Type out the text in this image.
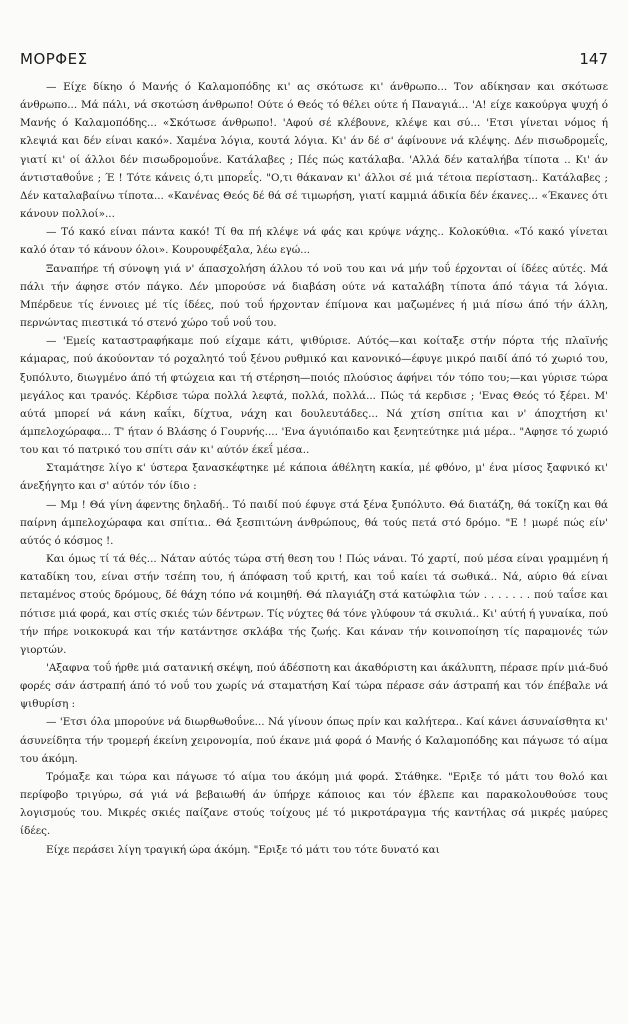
ΜΟΡΦΕΣ	147

— Είχε δίκηο ό Μανής ό Καλαμοπόδης κι' ας σκότωσε κι' άνθρωπο... Τον αδίκησαν και σκότωσε άνθρωπο... Μά πάλι, νά σκοτώση άνθρωπο! Ούτε ό Θεός τό θέλει ούτε ή Παναγιά... 'Α! είχε κακούργα ψυχή ό Μανής ό Καλαμοπόδης... «Σκότωσε άνθρωπο!. 'Αφού σέ κλέβουνε, κλέψε και σύ... 'Ετσι γίνεται νόμος ή κλεψιά και δέν είναι κακό». Χαμένα λόγια, κουτά λόγια. Κι' άν δέ σ' άφίνουνε νά κλέψης. Δέν πισωδρομεΐς, γιατί κι' οί άλλοι δέν πισωδρομοΰνε. Κατάλαβες ; Πές πώς κατάλαβα. 'Αλλά δέν καταλήβα τίποτα .. Κι' άν άντισταθοΰνε ; Έ ! Τότε κάνεις ό,τι μπορεΐς. "Ο,τι θάκαναν κι' άλλοι σέ μιά τέτοια περίσταση.. Κατάλαβες ; Δέν καταλαβαίνω τίποτα... «Κανένας Θεός δέ θά σέ τιμωρήση, γιατί καμμιά άδικία δέν έκανες... «Έκανες ότι κάνουν πολλοί»...

— Τό κακό είναι πάντα κακό! Τί θα πή κλέψε νά φάς και κρύψε νάχης.. Κολοκύθια. «Τό κακό γίνεται καλό όταν τό κάνουν όλοι». Κουρουφέξαλα, λέω εγώ...

Ξαναπήρε τή σύνοψη γιά ν' άπασχολήση άλλου τό νοϋ του και νά μήν τοΰ έρχονται οί ίδέες αύτές. Μά πάλι τήν άφησε στόν πάγκο. Δέν μπορούσε νά διαβάση ούτε νά καταλάβη τίποτα άπό τάγια τά λόγια. Μπέρδευε τίς έννοιες μέ τίς ίδέες, πού τοΰ ήρχονταν έπίμονα και μαζωμένες ή μιά πίσω άπό τήν άλλη, περνώντας πιεστικά τό στενό χώρο τοΰ νοΰ του.

— 'Εμείς καταστραφήκαμε πού είχαμε κάτι, ψιθύρισε. Αύτός—και κοίταξε στήν πόρτα τής πλαϊνής κάμαρας, πού άκούονταν τό ροχαλητό τοΰ ξένου ρυθμικό και κανονικό—έφυγε μικρό παιδί άπό τό χωριό του, ξυπόλυτο, διωγμένο άπό τή φτώχεια και τή στέρηση—ποιός πλούσιος άφήνει τόν τόπο του;—και γύρισε τώρα μεγάλος και τρανός. Κέρδισε τώρα πολλά λεφτά, πολλά, πολλά... Πώς τά κερδισε ; 'Ενας Θεός τό ξέρει. Μ' αύτά μπορεί νά κάνη καΐκι, δίχτυα, νάχη και δουλευτάδες... Νά χτίση σπίτια και ν' άποχτήση κι' άμπελοχώραφα... Τ' ήταν ό Βλάσης ό Γουρνής.... 'Ενα άγυιόπαιδο και ξενητεύτηκε μιά μέρα.. "Αφησε τό χωριό του και τό πατρικό του σπίτι σάν κι' αύτόν έκεΐ μέσα..

Σταμάτησε λίγο κ' ύστερα ξανασκέφτηκε μέ κάποια άθέλητη κακία, μέ φθόνο, μ' ένα μίσος ξαφνικό κι' άνεξήγητο και σ' αύτόν τόν ίδιο :

— Μμ ! Θά γίνη άφεντης δηλαδή.. Τό παιδί πού έφυγε στά ξένα ξυπόλυτο. Θά διατάζη, θά τοκίζη και θά παίρνη άμπελοχώραφα και σπίτια.. Θά ξεσπιτώνη άνθρώπους, θά τούς πετά στό δρόμο. "Ε ! μωρέ πώς είν' αύτός ό κόσμος !.

Και όμως τί τά θές... Νάταν αύτός τώρα στή θεση του ! Πώς νάναι. Τό χαρτί, πού μέσα είναι γραμμένη ή καταδίκη του, είναι στήν τσέπη του, ή άπόφαση τοΰ κριτή, και τοΰ καίει τά σωθικά.. Νά, αύριο θά είναι πεταμένος στούς δρόμους, δέ θάχη τόπο νά κοιμηθή. Θά πλαγιάζη στά κατώφλια τών . . . . . . . πού ταΐσε και πότισε μιά φορά, και στίς σκιές τών δέντρων. Τίς νύχτες θά τόνε γλύφουν τά σκυλιά.. Κι' αύτή ή γυναίκα, πού τήν πήρε νοικοκυρά και τήν κατάντησε σκλάβα τής ζωής. Και κάναν τήν κοινοποίηση τίς παραμονές τών γιορτών.

'Αξαφνα τοΰ ήρθε μιά σατανική σκέψη, πού άδέσποτη και άκαθόριστη και άκάλυπτη, πέρασε πρίν μιά-δυό φορές σάν άστραπή άπό τό νοΰ του χωρίς νά σταματήση Καί τώρα πέρασε σάν άστραπή και τόν έπέβαλε νά ψιθυρίση :

— 'Ετσι όλα μπορούνε νά διωρθωθοΰνε... Νά γίνουν όπως πρίν και καλήτερα.. Καί κάνει άσυναίσθητα κι' άσυνείδητα τήν τρομερή έκείνη χειρονομία, πού έκανε μιά φορά ό Μανής ό Καλαμοπόδης και πάγωσε τό αίμα του άκόμη.

Τρόμαξε και τώρα και πάγωσε τό αίμα του άκόμη μιά φορά. Στάθηκε. "Εριξε τό μάτι του θολό και περίφοβο τριγύρω, σά γιά νά βεβαιωθή άν ύπήρχε κάποιος και τόν έβλεπε και παρακολουθούσε τους λογισμούς του. Μικρές σκιές παίζανε στούς τοίχους μέ τό μικροτάραγμα τής καντήλας σά μικρές μαύρες ίδέες.

Είχε περάσει λίγη τραγική ώρα άκόμη. "Εριξε τό μάτι του τότε δυνατό και
